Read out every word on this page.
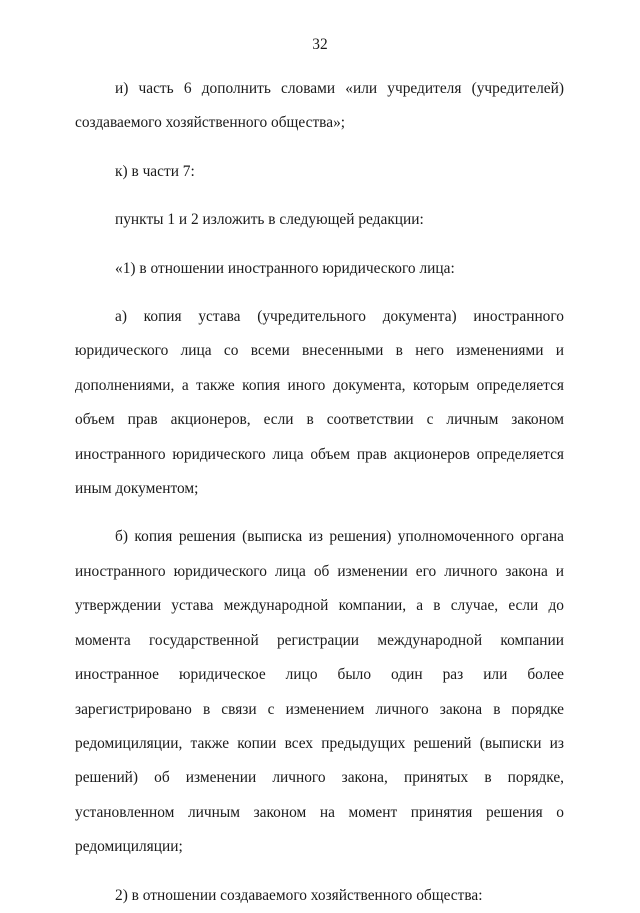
32

и) часть 6 дополнить словами «или учредителя (учредителей) создаваемого хозяйственного общества»;

к) в части 7:

пункты 1 и 2 изложить в следующей редакции:

«1) в отношении иностранного юридического лица:

а) копия устава (учредительного документа) иностранного юридического лица со всеми внесенными в него изменениями и дополнениями, а также копия иного документа, которым определяется объем прав акционеров, если в соответствии с личным законом иностранного юридического лица объем прав акционеров определяется иным документом;

б) копия решения (выписка из решения) уполномоченного органа иностранного юридического лица об изменении его личного закона и утверждении устава международной компании, а в случае, если до момента государственной регистрации международной компании иностранное юридическое лицо было один раз или более зарегистрировано в связи с изменением личного закона в порядке редомициляции, также копии всех предыдущих решений (выписки из решений) об изменении личного закона, принятых в порядке, установленном личным законом на момент принятия решения о редомициляции;

2) в отношении создаваемого хозяйственного общества:
